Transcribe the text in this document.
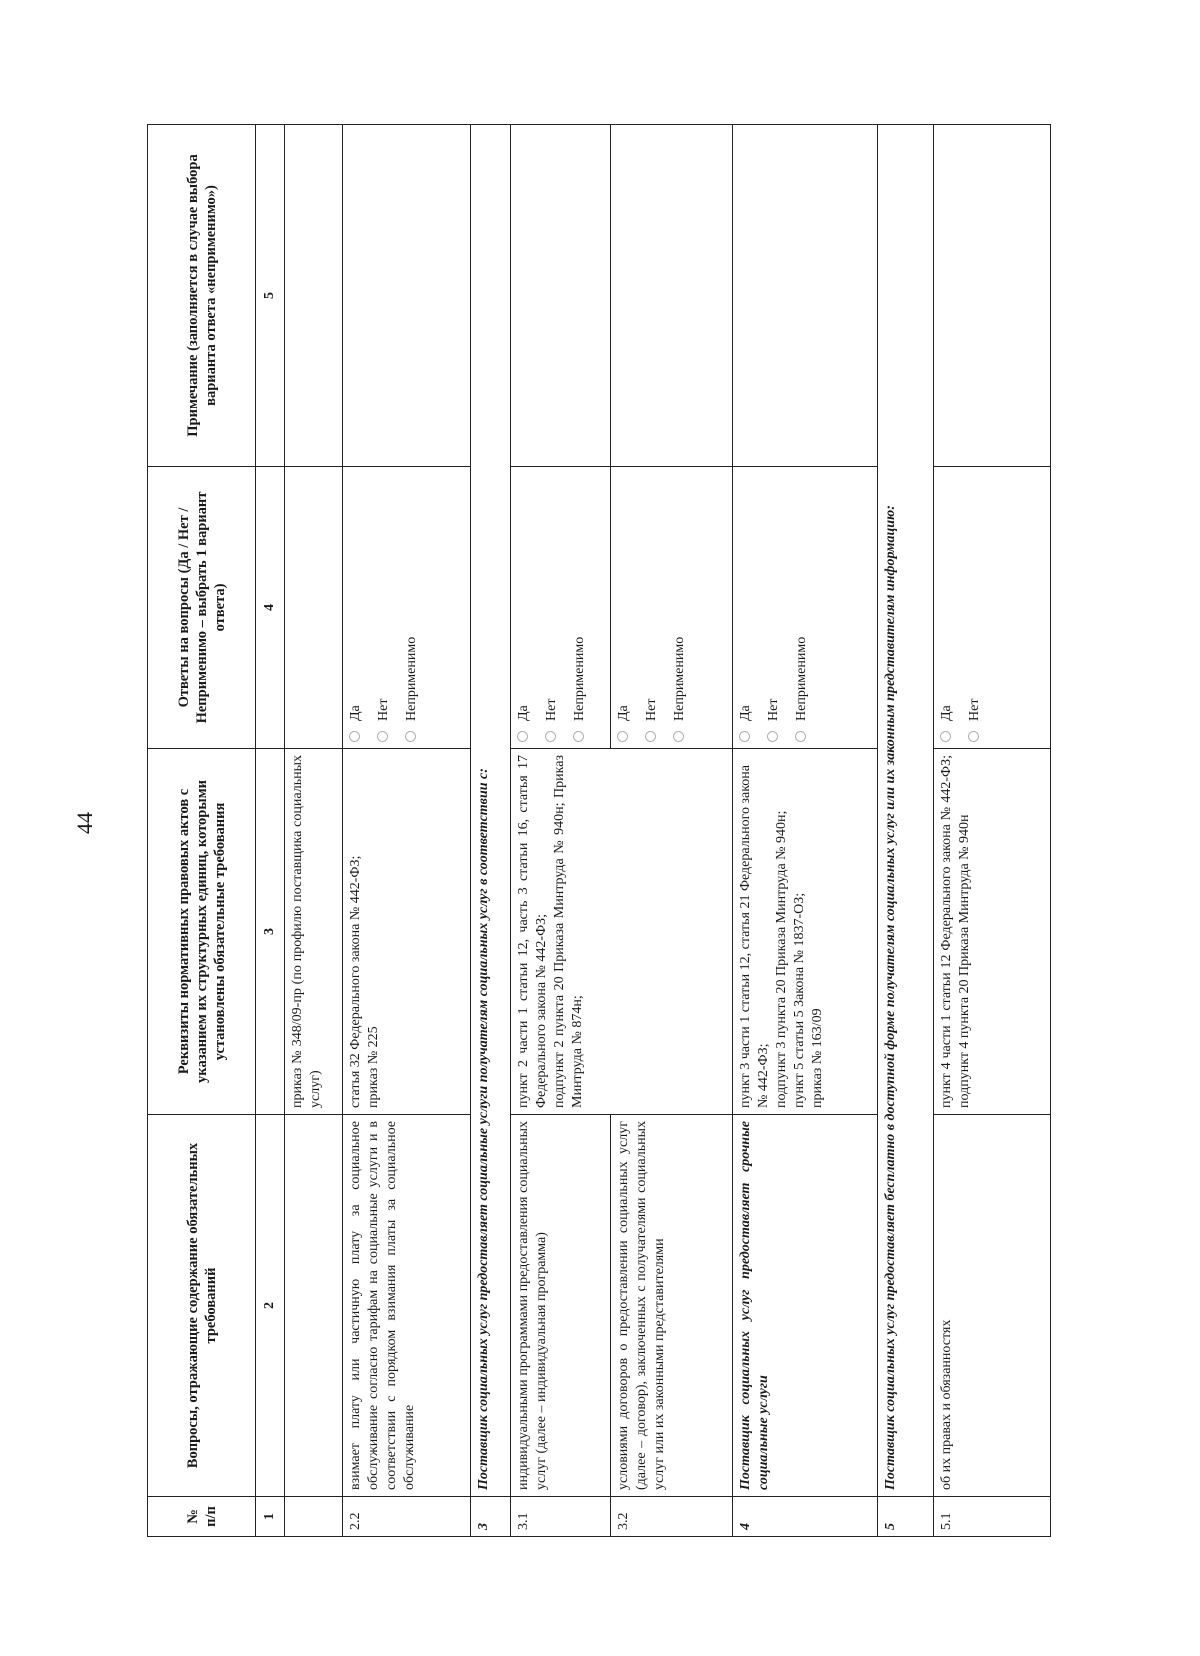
44
№ п/п	Вопросы, отражающие содержание обязательных требований	Реквизиты нормативных правовых актов с указанием их структурных единиц, которыми установлены обязательные требования	Ответы на вопросы (Да / Нет / Неприменимо – выбрать 1 вариант ответа)	Примечание (заполняется в случае выбора варианта ответа «неприменимо»)
1	2	3	4	5
		приказ № 348/09-пр (по профилю поставщика социальных услуг)		
2.2	взимает плату или частичную плату за социальное обслуживание согласно тарифам на социальные услуги и в соответствии с порядком взимания платы за социальное обслуживание	статья 32 Федерального закона № 442-ФЗ; приказ № 225	Да Нет Неприменимо	

3	Поставщик социальных услуг предоставляет социальные услуги получателям социальных услуг в соответствии с:			
3.1	индивидуальными программами предоставления социальных услуг (далее – индивидуальная программа)	пункт 2 части 1 статьи 12, часть 3 статьи 16, статья 17 Федерального закона № 442-ФЗ; подпункт 2 пункта 20 Приказа Минтруда № 940н; Приказ Минтруда № 874н;	Да Нет Неприменимо	

3.2	условиями договоров о предоставлении социальных услуг (далее – договор), заключенных с получателями социальных услуг или их законными представителями		Да Нет Неприменимо	

4	Поставщик социальных услуг предоставляет срочные социальные услуги	пункт 3 части 1 статьи 12, статья 21 Федерального закона № 442-ФЗ; подпункт 3 пункта 20 Приказа Минтруда № 940н; пункт 5 статьи 5 Закона № 1837-ОЗ; приказ № 163/09	Да Нет Неприменимо	

5	Поставщик социальных услуг предоставляет бесплатно в доступной форме получателям социальных услуг или их законным представителям информацию:			
5.1	об их правах и обязанностях	пункт 4 части 1 статьи 12 Федерального закона № 442-ФЗ; подпункт 4 пункта 20 Приказа Минтруда № 940н	Да Нет	
